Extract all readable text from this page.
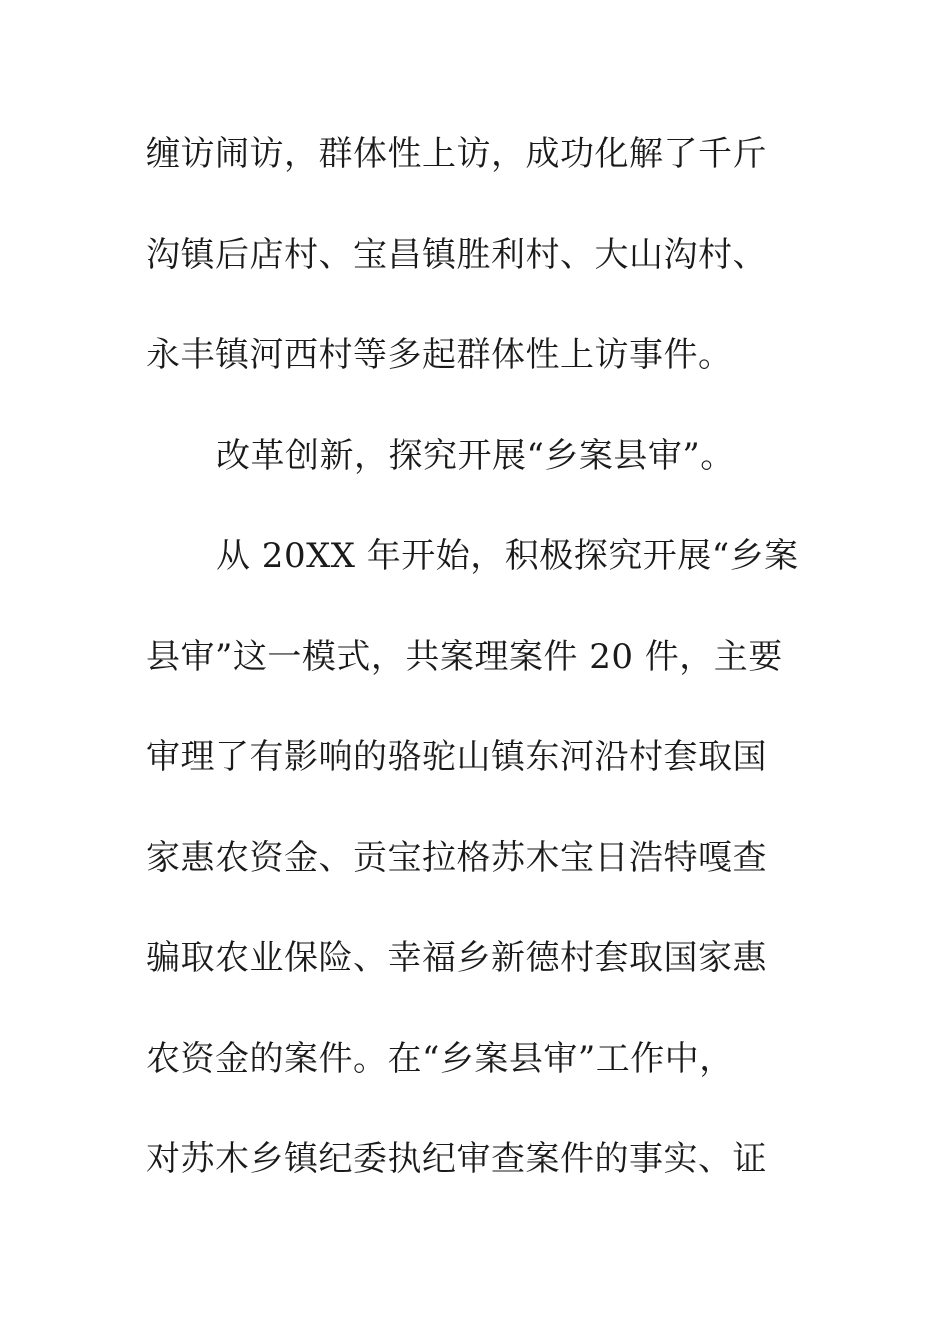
缠访闹访，群体性上访，成功化解了千斤
沟镇后店村、宝昌镇胜利村、大山沟村、
永丰镇河西村等多起群体性上访事件。
改革创新，探究开展“乡案县审”。
从 20XX 年开始，积极探究开展“乡案
县审”这一模式，共案理案件 20 件，主要
审理了有影响的骆驼山镇东河沿村套取国
家惠农资金、贡宝拉格苏木宝日浩特嘎查
骗取农业保险、幸福乡新德村套取国家惠
农资金的案件。在“乡案县审”工作中，
对苏木乡镇纪委执纪审查案件的事实、证
